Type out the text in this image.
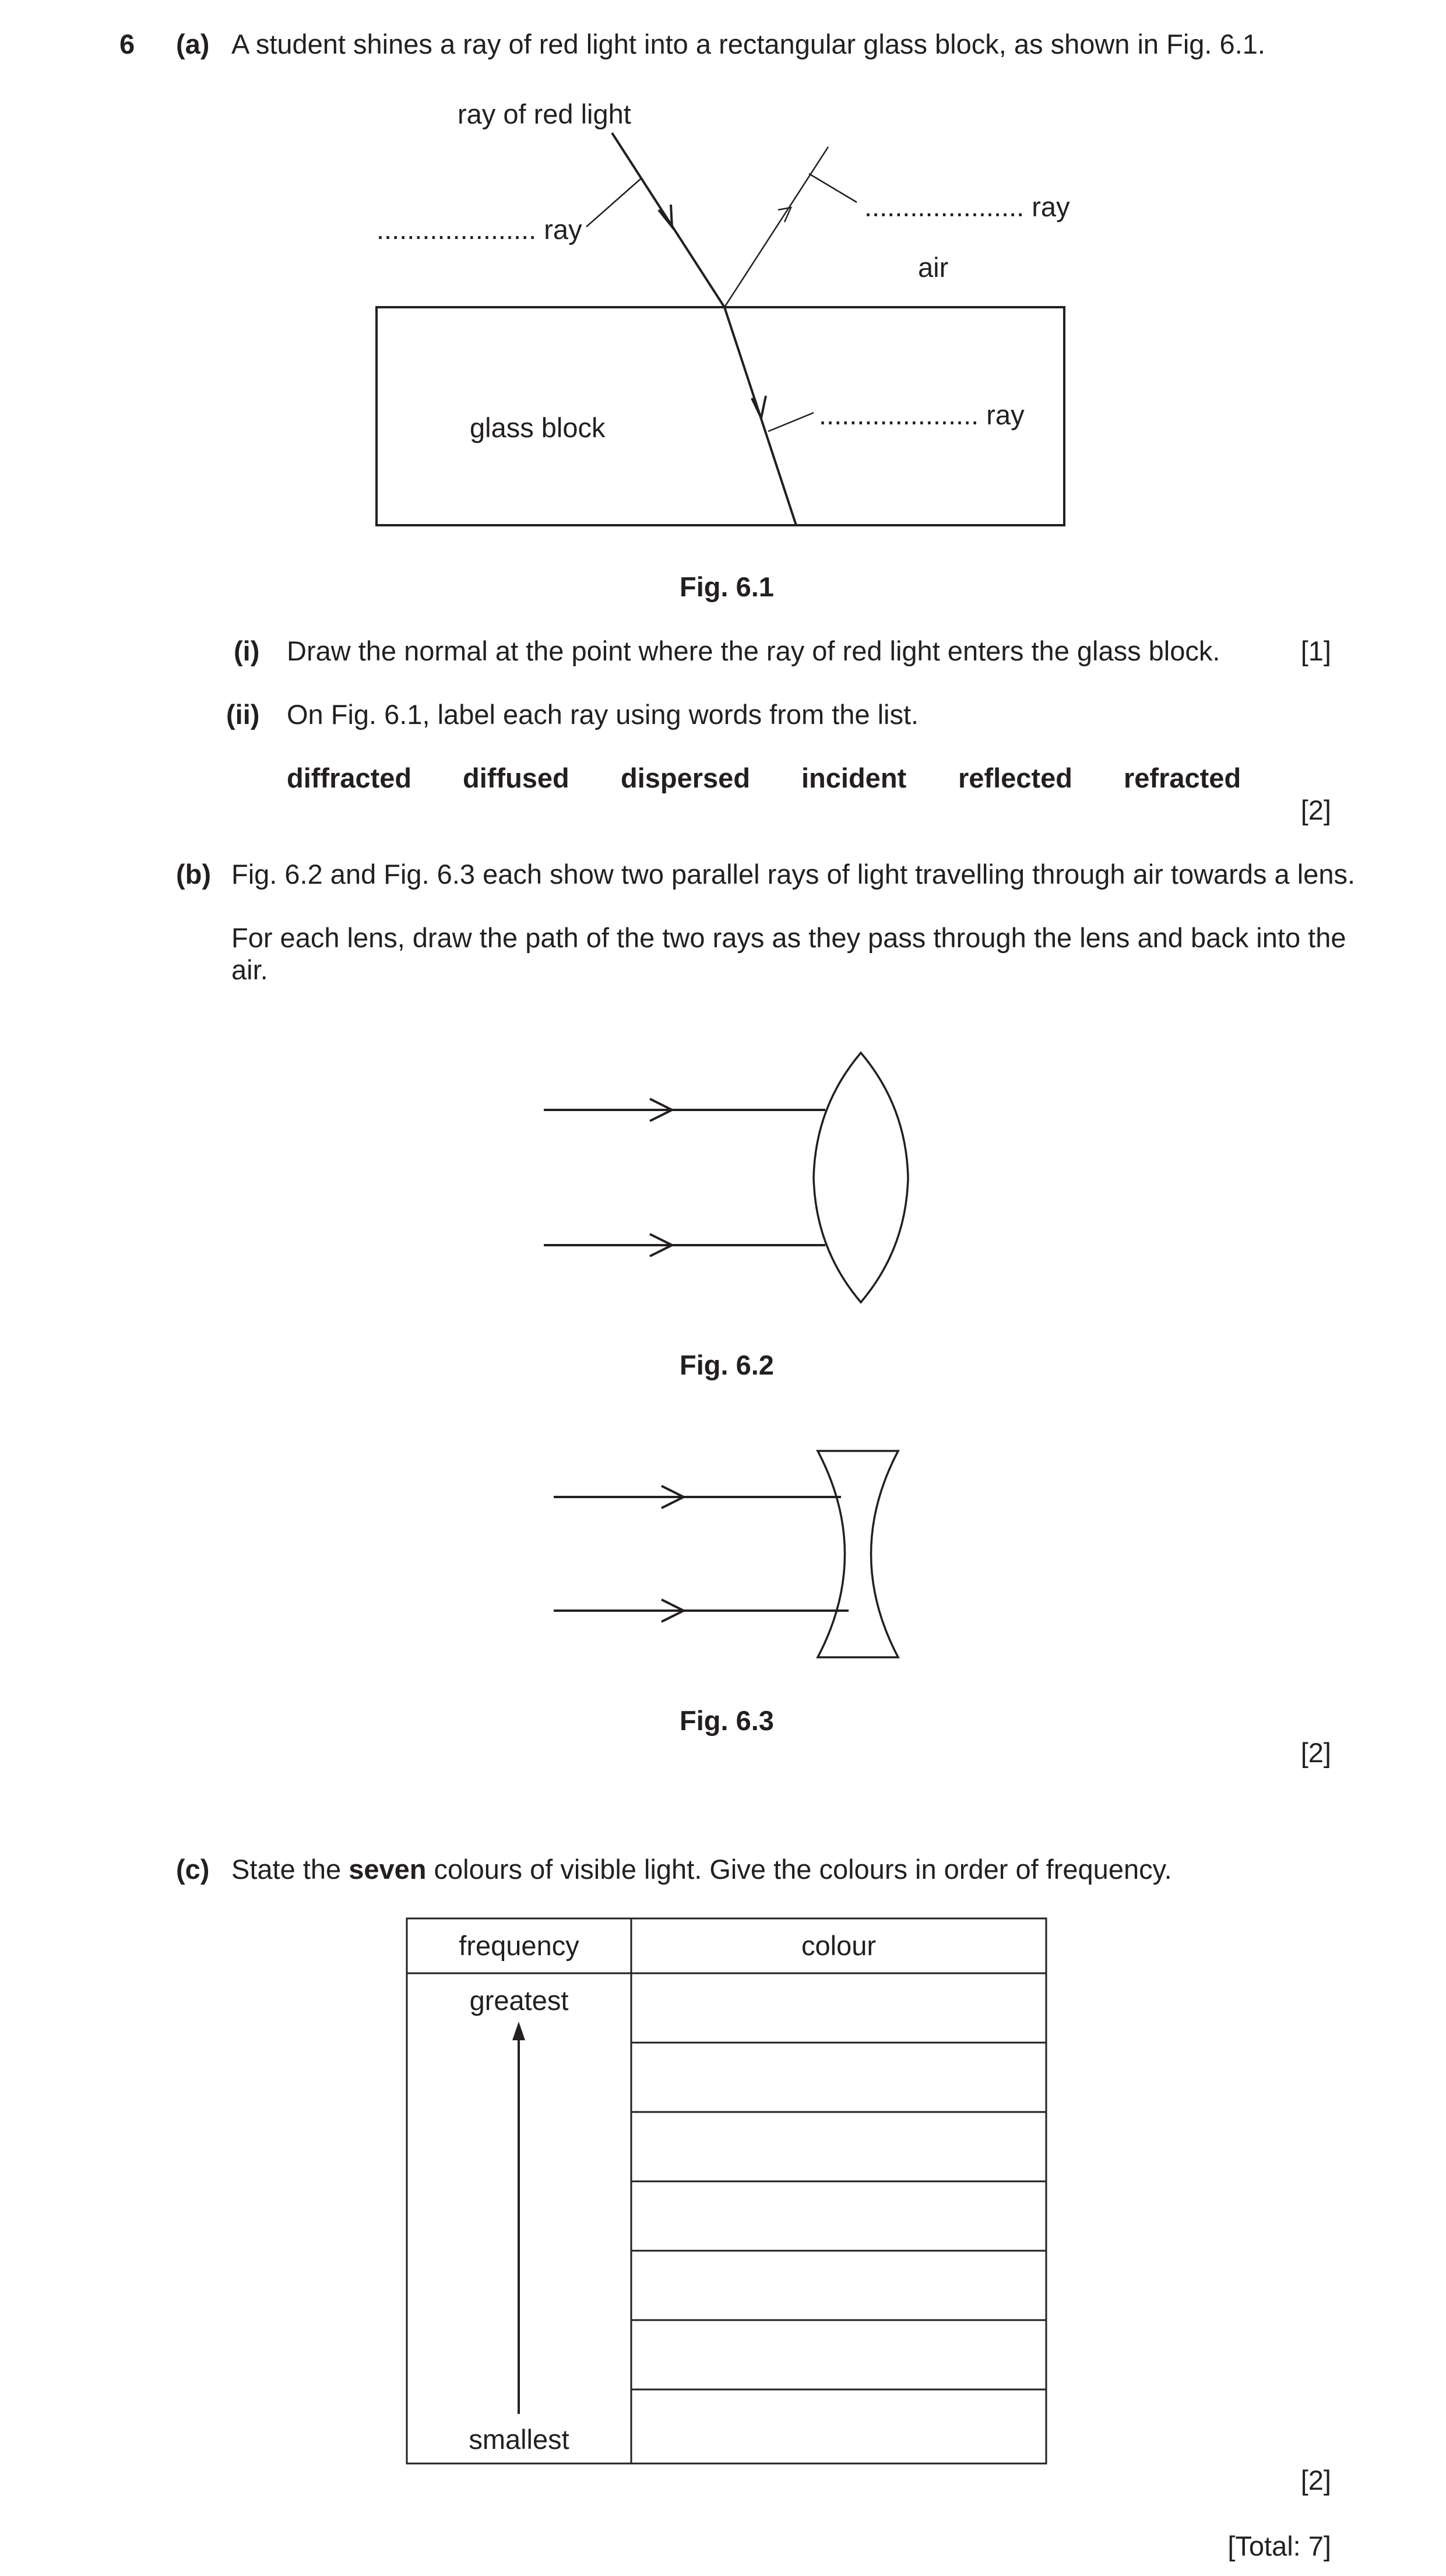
6 (a) A student shines a ray of red light into a rectangular glass block, as shown in Fig. 6.1.
ray of red light
..................... ray
..................... ray
air
glass block	..................... ray
Fig. 6.1
(i) Draw the normal at the point where the ray of red light enters the glass block.	[1]
(ii) On Fig. 6.1, label each ray using words from the list.
diffracted diffused dispersed incident reflected refracted
[2]
(b) Fig. 6.2 and Fig. 6.3 each show two parallel rays of light travelling through air towards a lens.
For each lens, draw the path of the two rays as they pass through the lens and back into the
air.
Fig. 6.2
Fig. 6.3
[2]
(c) State the seven colours of visible light. Give the colours in order of frequency.
frequency	colour
greatest
smallest
[2]
[Total: 7]
